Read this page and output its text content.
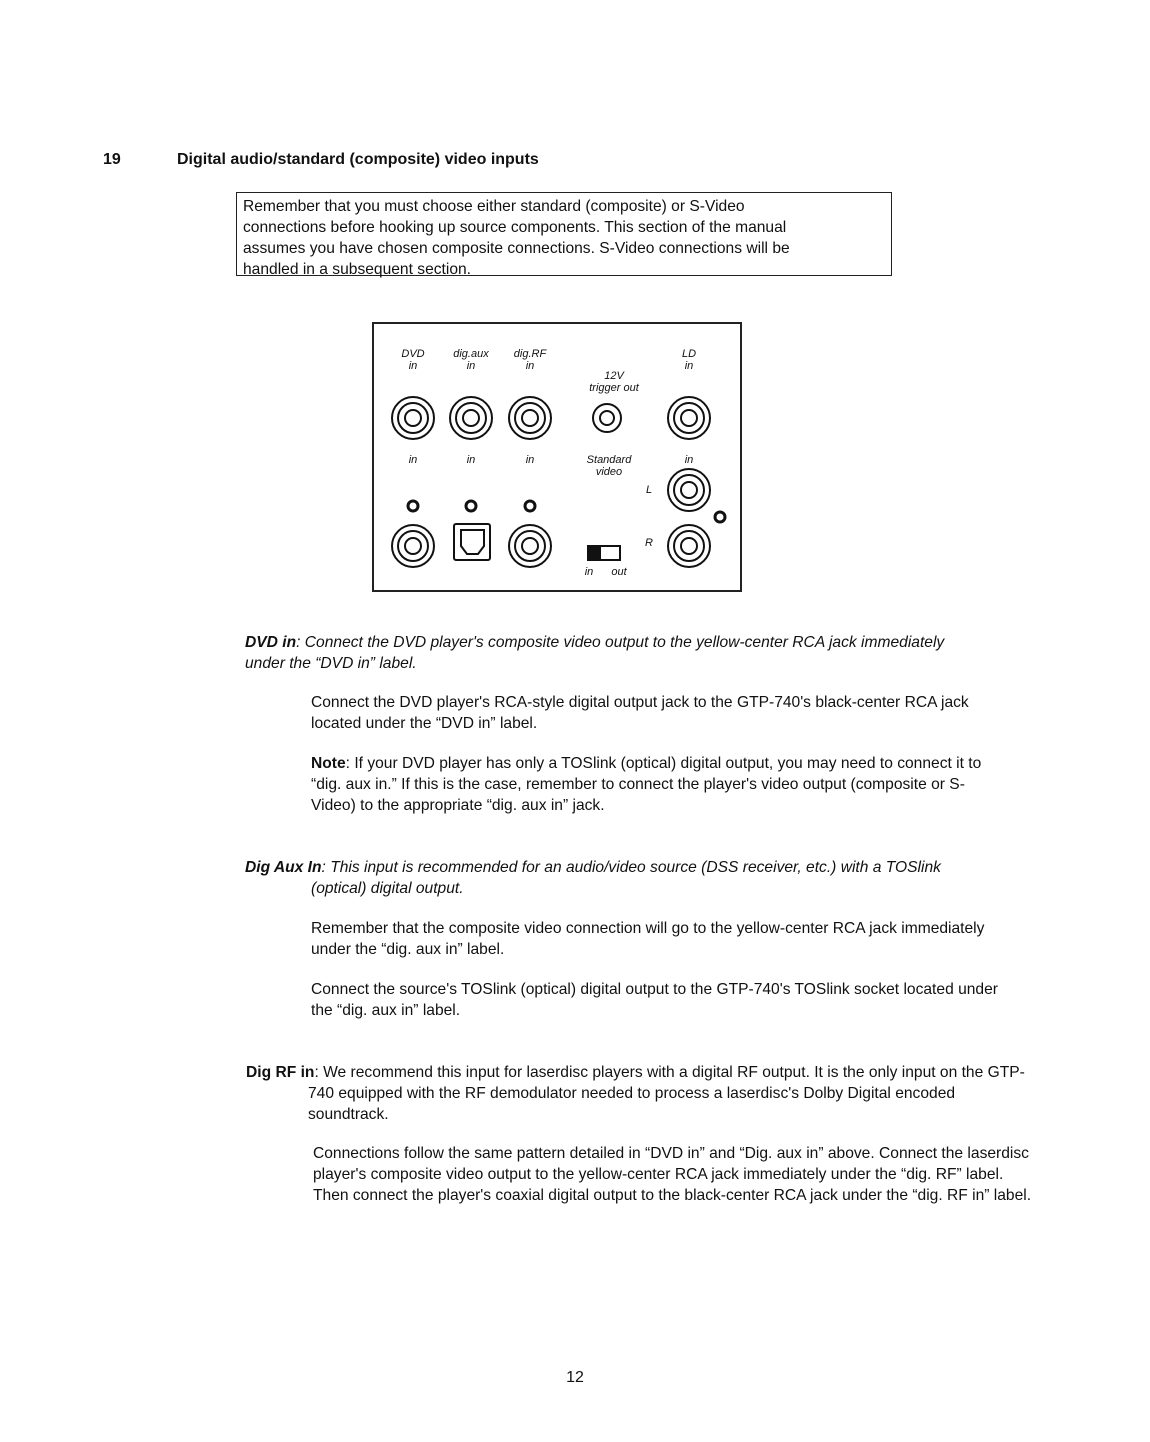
19	Digital audio/standard (composite) video inputs
Remember that you must choose either standard (composite) or S-Video
connections before hooking up source components. This section of the manual
assumes you have chosen composite connections. S-Video connections will be
handled in a subsequent section.
DVD
in
dig.aux
in
dig.RF
in
12V
trigger out
LD
in
in	in	in	Standard
video
in
L
R
in	out
DVD in: Connect the DVD player's composite video output to the yellow-center RCA jack immediately under the “DVD in” label.
Connect the DVD player's RCA-style digital output jack to the GTP-740's black-center RCA jack located under the “DVD in” label.
Note: If your DVD player has only a TOSlink (optical) digital output, you may need to connect it to “dig. aux in.” If this is the case, remember to connect the player's video output (composite or S-Video) to the appropriate “dig. aux in” jack.
Dig Aux In: This input is recommended for an audio/video source (DSS receiver, etc.) with a TOSlink (optical) digital output.
Remember that the composite video connection will go to the yellow-center RCA jack immediately under the “dig. aux in” label.
Connect the source's TOSlink (optical) digital output to the GTP-740's TOSlink socket located under the “dig. aux in” label.
Dig RF in: We recommend this input for laserdisc players with a digital RF output. It is the only input on the GTP-740 equipped with the RF demodulator needed to process a laserdisc's Dolby Digital encoded soundtrack.
Connections follow the same pattern detailed in “DVD in” and “Dig. aux in” above. Connect the laserdisc player's composite video output to the yellow-center RCA jack immediately under the “dig. RF” label. Then connect the player's coaxial digital output to the black-center RCA jack under the “dig. RF in” label.
12
